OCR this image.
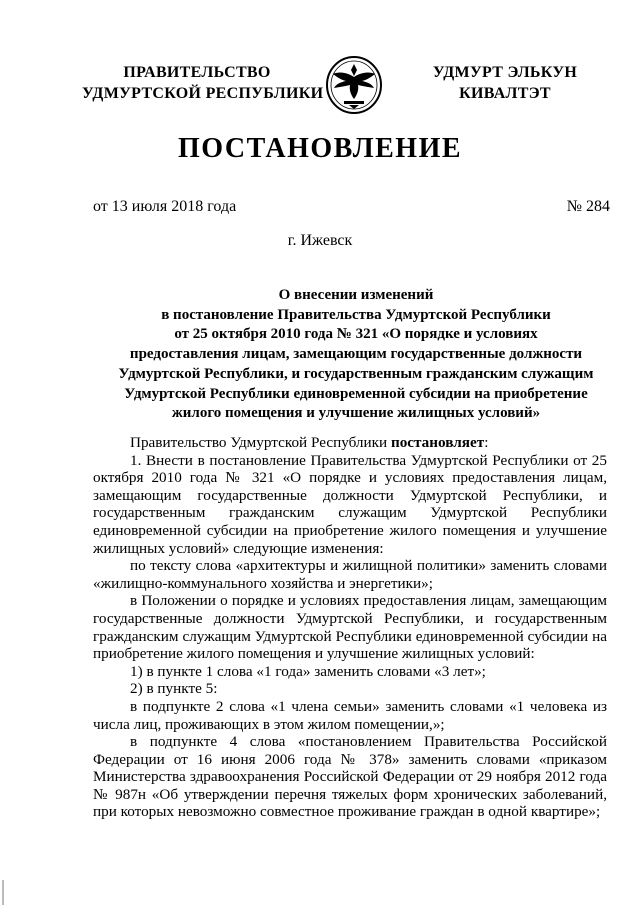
ПРАВИТЕЛЬСТВО
УДМУРТСКОЙ РЕСПУБЛИКИ
УДМУРТ ЭЛЬКУН
КИВАЛТЭТ
ПОСТАНОВЛЕНИЕ
от 13 июля 2018 года	№ 284
г. Ижевск
О внесении изменений
в постановление Правительства Удмуртской Республики
от 25 октября 2010 года № 321 «О порядке и условиях
предоставления лицам, замещающим государственные должности
Удмуртской Республики, и государственным гражданским служащим
Удмуртской Республики единовременной субсидии на приобретение
жилого помещения и улучшение жилищных условий»

Правительство Удмуртской Республики постановляет:

1. Внести в постановление Правительства Удмуртской Республики от 25 октября 2010 года № 321 «О порядке и условиях предоставления лицам, замещающим государственные должности Удмуртской Республики, и государственным гражданским служащим Удмуртской Республики единовременной субсидии на приобретение жилого помещения и улучшение жилищных условий» следующие изменения:

по тексту слова «архитектуры и жилищной политики» заменить словами «жилищно-коммунального хозяйства и энергетики»;

в Положении о порядке и условиях предоставления лицам, замещающим государственные должности Удмуртской Республики, и государственным гражданским служащим Удмуртской Республики единовременной субсидии на приобретение жилого помещения и улучшение жилищных условий:

1) в пункте 1 слова «1 года» заменить словами «3 лет»;

2) в пункте 5:

в подпункте 2 слова «1 члена семьи» заменить словами «1 человека из числа лиц, проживающих в этом жилом помещении,»;

в подпункте 4 слова «постановлением Правительства Российской Федерации от 16 июня 2006 года № 378» заменить словами «приказом Министерства здравоохранения Российской Федерации от 29 ноября 2012 года № 987н «Об утверждении перечня тяжелых форм хронических заболеваний, при которых невозможно совместное проживание граждан в одной квартире»;
